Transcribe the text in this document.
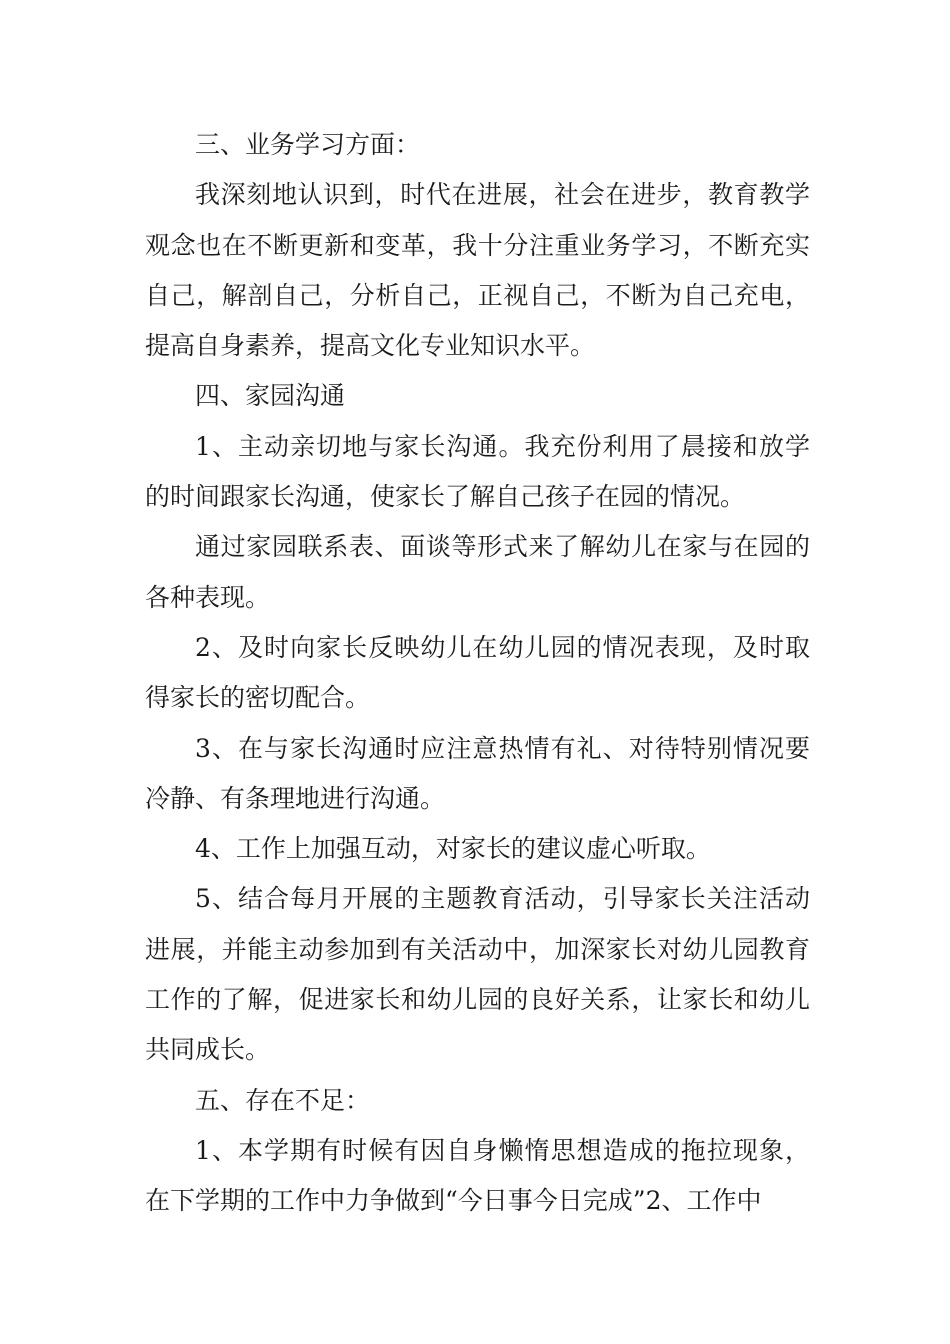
三、业务学习方面：

我深刻地认识到，时代在进展，社会在进步，教育教学观念也在不断更新和变革，我十分注重业务学习，不断充实自己，解剖自己，分析自己，正视自己，不断为自己充电，提高自身素养，提高文化专业知识水平。

四、家园沟通

1、主动亲切地与家长沟通。我充份利用了晨接和放学的时间跟家长沟通，使家长了解自己孩子在园的情况。

通过家园联系表、面谈等形式来了解幼儿在家与在园的各种表现。

2、及时向家长反映幼儿在幼儿园的情况表现，及时取得家长的密切配合。

3、在与家长沟通时应注意热情有礼、对待特别情况要冷静、有条理地进行沟通。

4、工作上加强互动，对家长的建议虚心听取。

5、结合每月开展的主题教育活动，引导家长关注活动进展，并能主动参加到有关活动中，加深家长对幼儿园教育工作的了解，促进家长和幼儿园的良好关系，让家长和幼儿共同成长。

五、存在不足：

1、本学期有时候有因自身懒惰思想造成的拖拉现象，在下学期的工作中力争做到“今日事今日完成”2、工作中
